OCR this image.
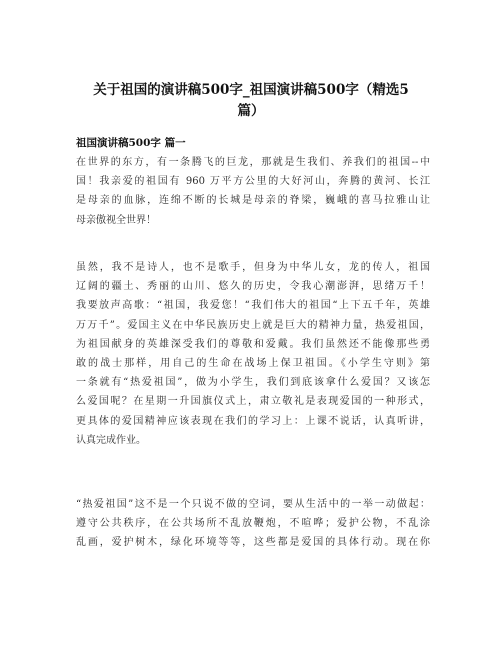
关于祖国的演讲稿500字_祖国演讲稿500字（精选5
篇）
祖国演讲稿500字 篇一

在世界的东方，有一条腾飞的巨龙，那就是生我们、养我们的祖国--中
国！我亲爱的祖国有 960 万平方公里的大好河山，奔腾的黄河、长江
是母亲的血脉，连绵不断的长城是母亲的脊梁，巍峨的喜马拉雅山让
母亲傲视全世界！

虽然，我不是诗人，也不是歌手，但身为中华儿女，龙的传人，祖国
辽阔的疆土、秀丽的山川、悠久的历史，令我心潮澎湃，思绪万千！
我要放声高歌：“祖国，我爱您！“我们伟大的祖国“上下五千年，英雄
万万千”。爱国主义在中华民族历史上就是巨大的精神力量，热爱祖国，
为祖国献身的英雄深受我们的尊敬和爱戴。我们虽然还不能像那些勇
敢的战士那样，用自己的生命在战场上保卫祖国。《小学生守则》第
一条就有“热爱祖国”，做为小学生，我们到底该拿什么爱国？又该怎
么爱国呢？在星期一升国旗仪式上，肃立敬礼是表现爱国的一种形式，
更具体的爱国精神应该表现在我们的学习上：上课不说话，认真听讲，
认真完成作业。

“热爱祖国”这不是一个只说不做的空词，要从生活中的一举一动做起：
遵守公共秩序，在公共场所不乱放鞭炮，不喧哗；爱护公物，不乱涂
乱画，爱护树木，绿化环境等等，这些都是爱国的具体行动。现在你
